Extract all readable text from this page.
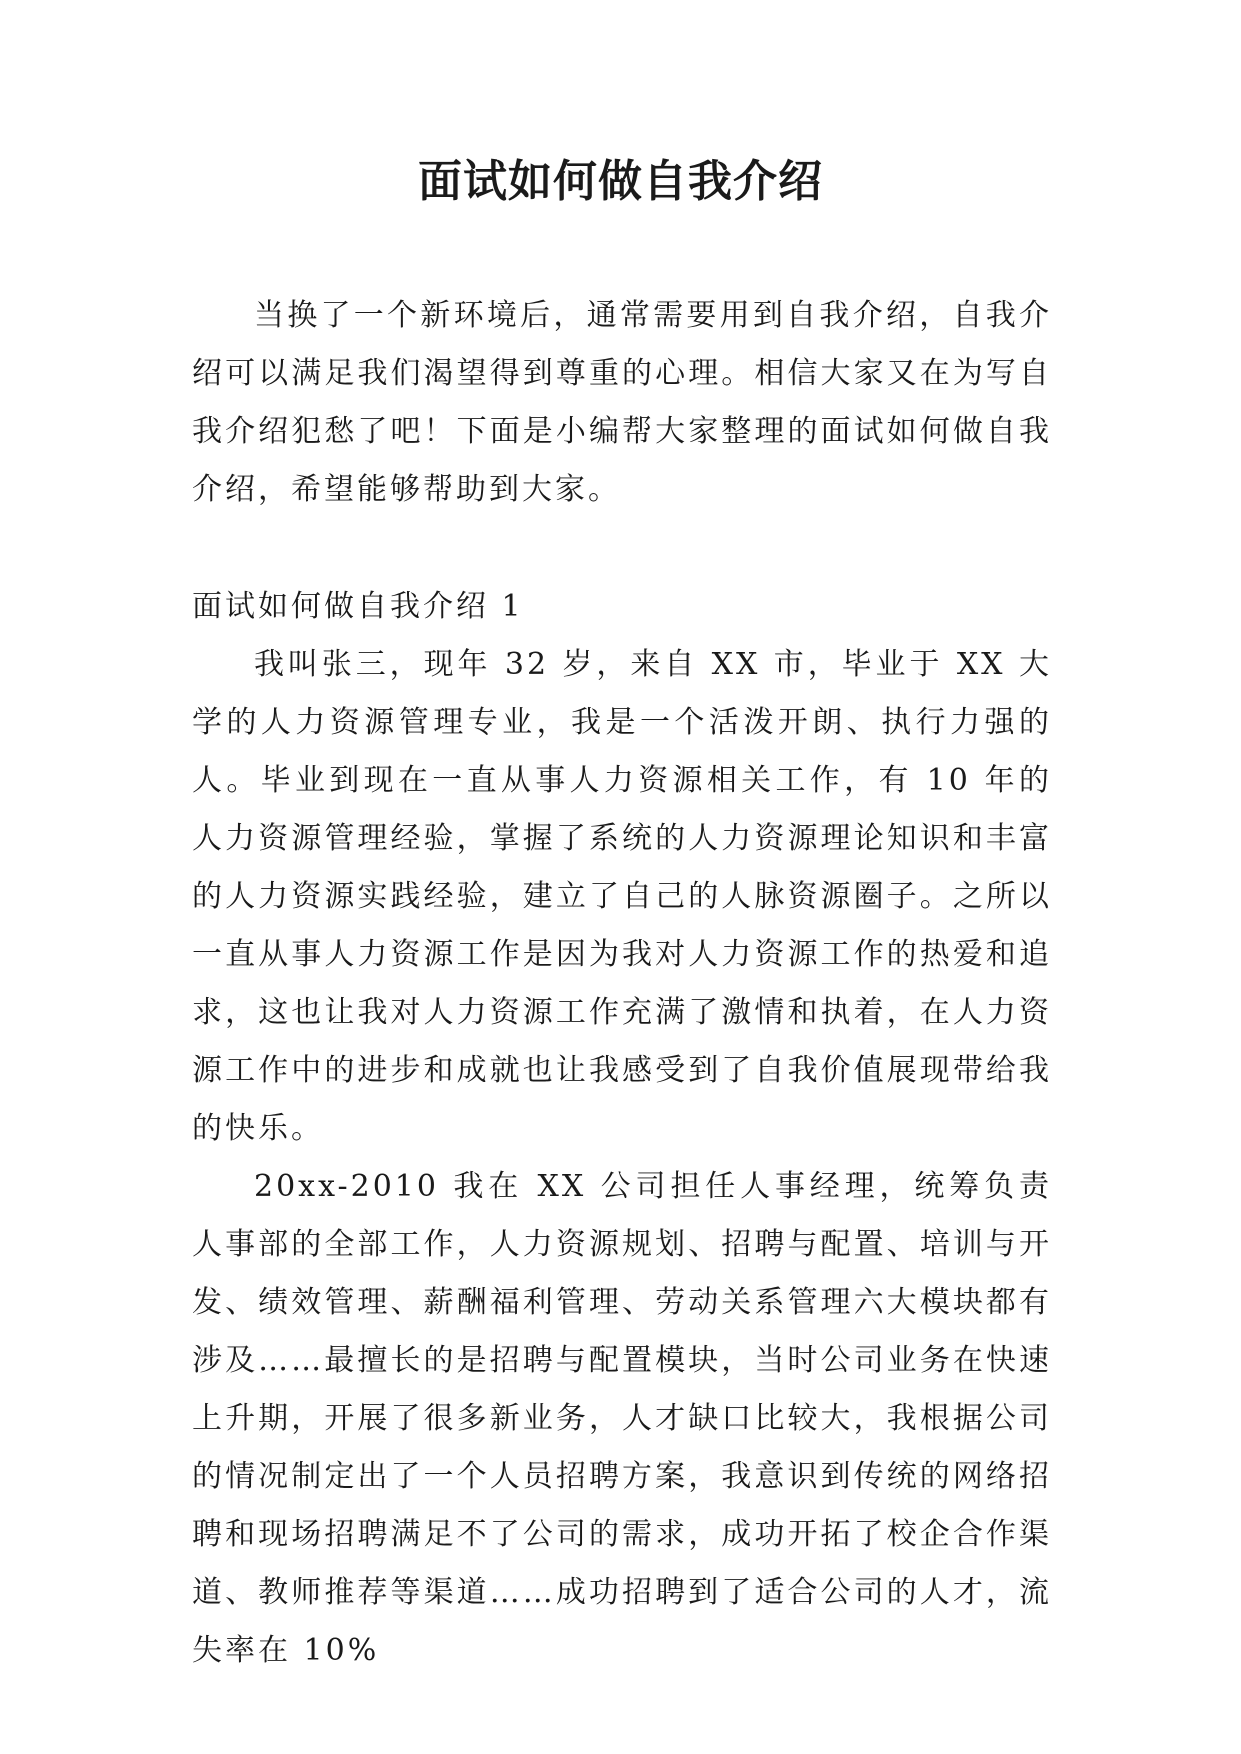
面试如何做自我介绍

当换了一个新环境后，通常需要用到自我介绍，自我介绍可以满足我们渴望得到尊重的心理。相信大家又在为写自我介绍犯愁了吧！下面是小编帮大家整理的面试如何做自我介绍，希望能够帮助到大家。

面试如何做自我介绍 1

我叫张三，现年 32 岁，来自 XX 市，毕业于 XX 大学的人力资源管理专业，我是一个活泼开朗、执行力强的人。毕业到现在一直从事人力资源相关工作，有 10 年的人力资源管理经验，掌握了系统的人力资源理论知识和丰富的人力资源实践经验，建立了自己的人脉资源圈子。之所以一直从事人力资源工作是因为我对人力资源工作的热爱和追求，这也让我对人力资源工作充满了激情和执着，在人力资源工作中的进步和成就也让我感受到了自我价值展现带给我的快乐。

20xx-2010 我在 XX 公司担任人事经理，统筹负责人事部的全部工作，人力资源规划、招聘与配置、培训与开发、绩效管理、薪酬福利管理、劳动关系管理六大模块都有涉及……最擅长的是招聘与配置模块，当时公司业务在快速上升期，开展了很多新业务，人才缺口比较大，我根据公司的情况制定出了一个人员招聘方案，我意识到传统的网络招聘和现场招聘满足不了公司的需求，成功开拓了校企合作渠道、教师推荐等渠道……成功招聘到了适合公司的人才，流失率在 10%
